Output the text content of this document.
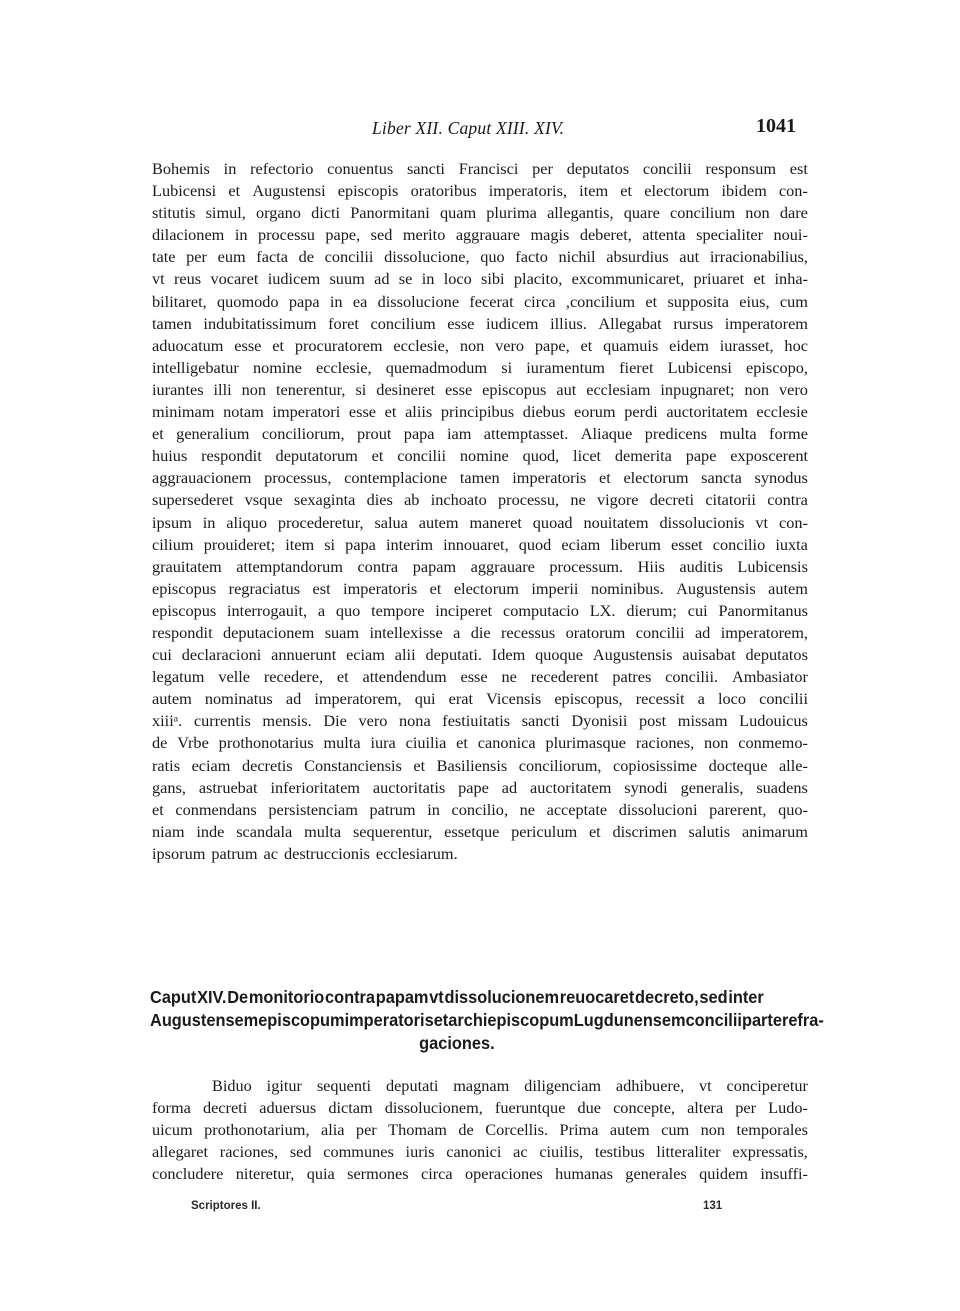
Liber XII. Caput XIII. XIV.	1041
Bohemis in refectorio conuentus sancti Francisci per deputatos concilii responsum est
Lubicensi et Augustensi episcopis oratoribus imperatoris, item et electorum ibidem con-
stitutis simul, organo dicti Panormitani quam plurima allegantis, quare concilium non dare
dilacionem in processu pape, sed merito aggrauare magis deberet, attenta specialiter noui-
tate per eum facta de concilii dissolucione, quo facto nichil absurdius aut irracionabilius,
vt reus vocaret iudicem suum ad se in loco sibi placito, excommunicaret, priuaret et inha-
bilitaret, quomodo papa in ea dissolucione fecerat circa ,concilium et supposita eius, cum
tamen indubitatissimum foret concilium esse iudicem illius. Allegabat rursus imperatorem
aduocatum esse et procuratorem ecclesie, non vero pape, et quamuis eidem iurasset, hoc
intelligebatur nomine ecclesie, quemadmodum si iuramentum fieret Lubicensi episcopo,
iurantes illi non tenerentur, si desineret esse episcopus aut ecclesiam inpugnaret; non vero
minimam notam imperatori esse et aliis principibus diebus eorum perdi auctoritatem ecclesie
et generalium conciliorum, prout papa iam attemptasset. Aliaque predicens multa forme
huius respondit deputatorum et concilii nomine quod, licet demerita pape exposcerent
aggrauacionem processus, contemplacione tamen imperatoris et electorum sancta synodus
supersederet vsque sexaginta dies ab inchoato processu, ne vigore decreti citatorii contra
ipsum in aliquo procederetur, salua autem maneret quoad nouitatem dissolucionis vt con-
cilium prouideret; item si papa interim innouaret, quod eciam liberum esset concilio iuxta
grauitatem attemptandorum contra papam aggrauare processum. Hiis auditis Lubicensis
episcopus regraciatus est imperatoris et electorum imperii nominibus. Augustensis autem
episcopus interrogauit, a quo tempore inciperet computacio LX. dierum; cui Panormitanus
respondit deputacionem suam intellexisse a die recessus oratorum concilii ad imperatorem,
cui declaracioni annuerunt eciam alii deputati. Idem quoque Augustensis auisabat deputatos
legatum velle recedere, et attendendum esse ne recederent patres concilii. Ambasiator
autem nominatus ad imperatorem, qui erat Vicensis episcopus, recessit a loco concilii
xiiiᵃ. currentis mensis. Die vero nona festiuitatis sancti Dyonisii post missam Ludouicus
de Vrbe prothonotarius multa iura ciuilia et canonica plurimasque raciones, non conmemo-
ratis eciam decretis Constanciensis et Basiliensis conciliorum, copiosissime docteque alle-
gans, astruebat inferioritatem auctoritatis pape ad auctoritatem synodi generalis, suadens
et conmendans persistenciam patrum in concilio, ne acceptate dissolucioni parerent, quo-
niam inde scandala multa sequerentur, essetque periculum et discrimen salutis animarum
ipsorum patrum ac destruccionis ecclesiarum.
Caput XIV. De monitorio contra papam vt dissolucionem reuocaret decreto, sed inter
Augustensem episcopum imperatoris et archiepiscopum Lugdunensem concilii parte refra-
gaciones.
Biduo igitur sequenti deputati magnam diligenciam adhibuere, vt conciperetur
forma decreti aduersus dictam dissolucionem, fueruntque due concepte, altera per Ludo-
uicum prothonotarium, alia per Thomam de Corcellis. Prima autem cum non temporales
allegaret raciones, sed communes iuris canonici ac ciuilis, testibus litteraliter expressatis,
concludere niteretur, quia sermones circa operaciones humanas generales quidem insuffi-
Scriptores II.	131
